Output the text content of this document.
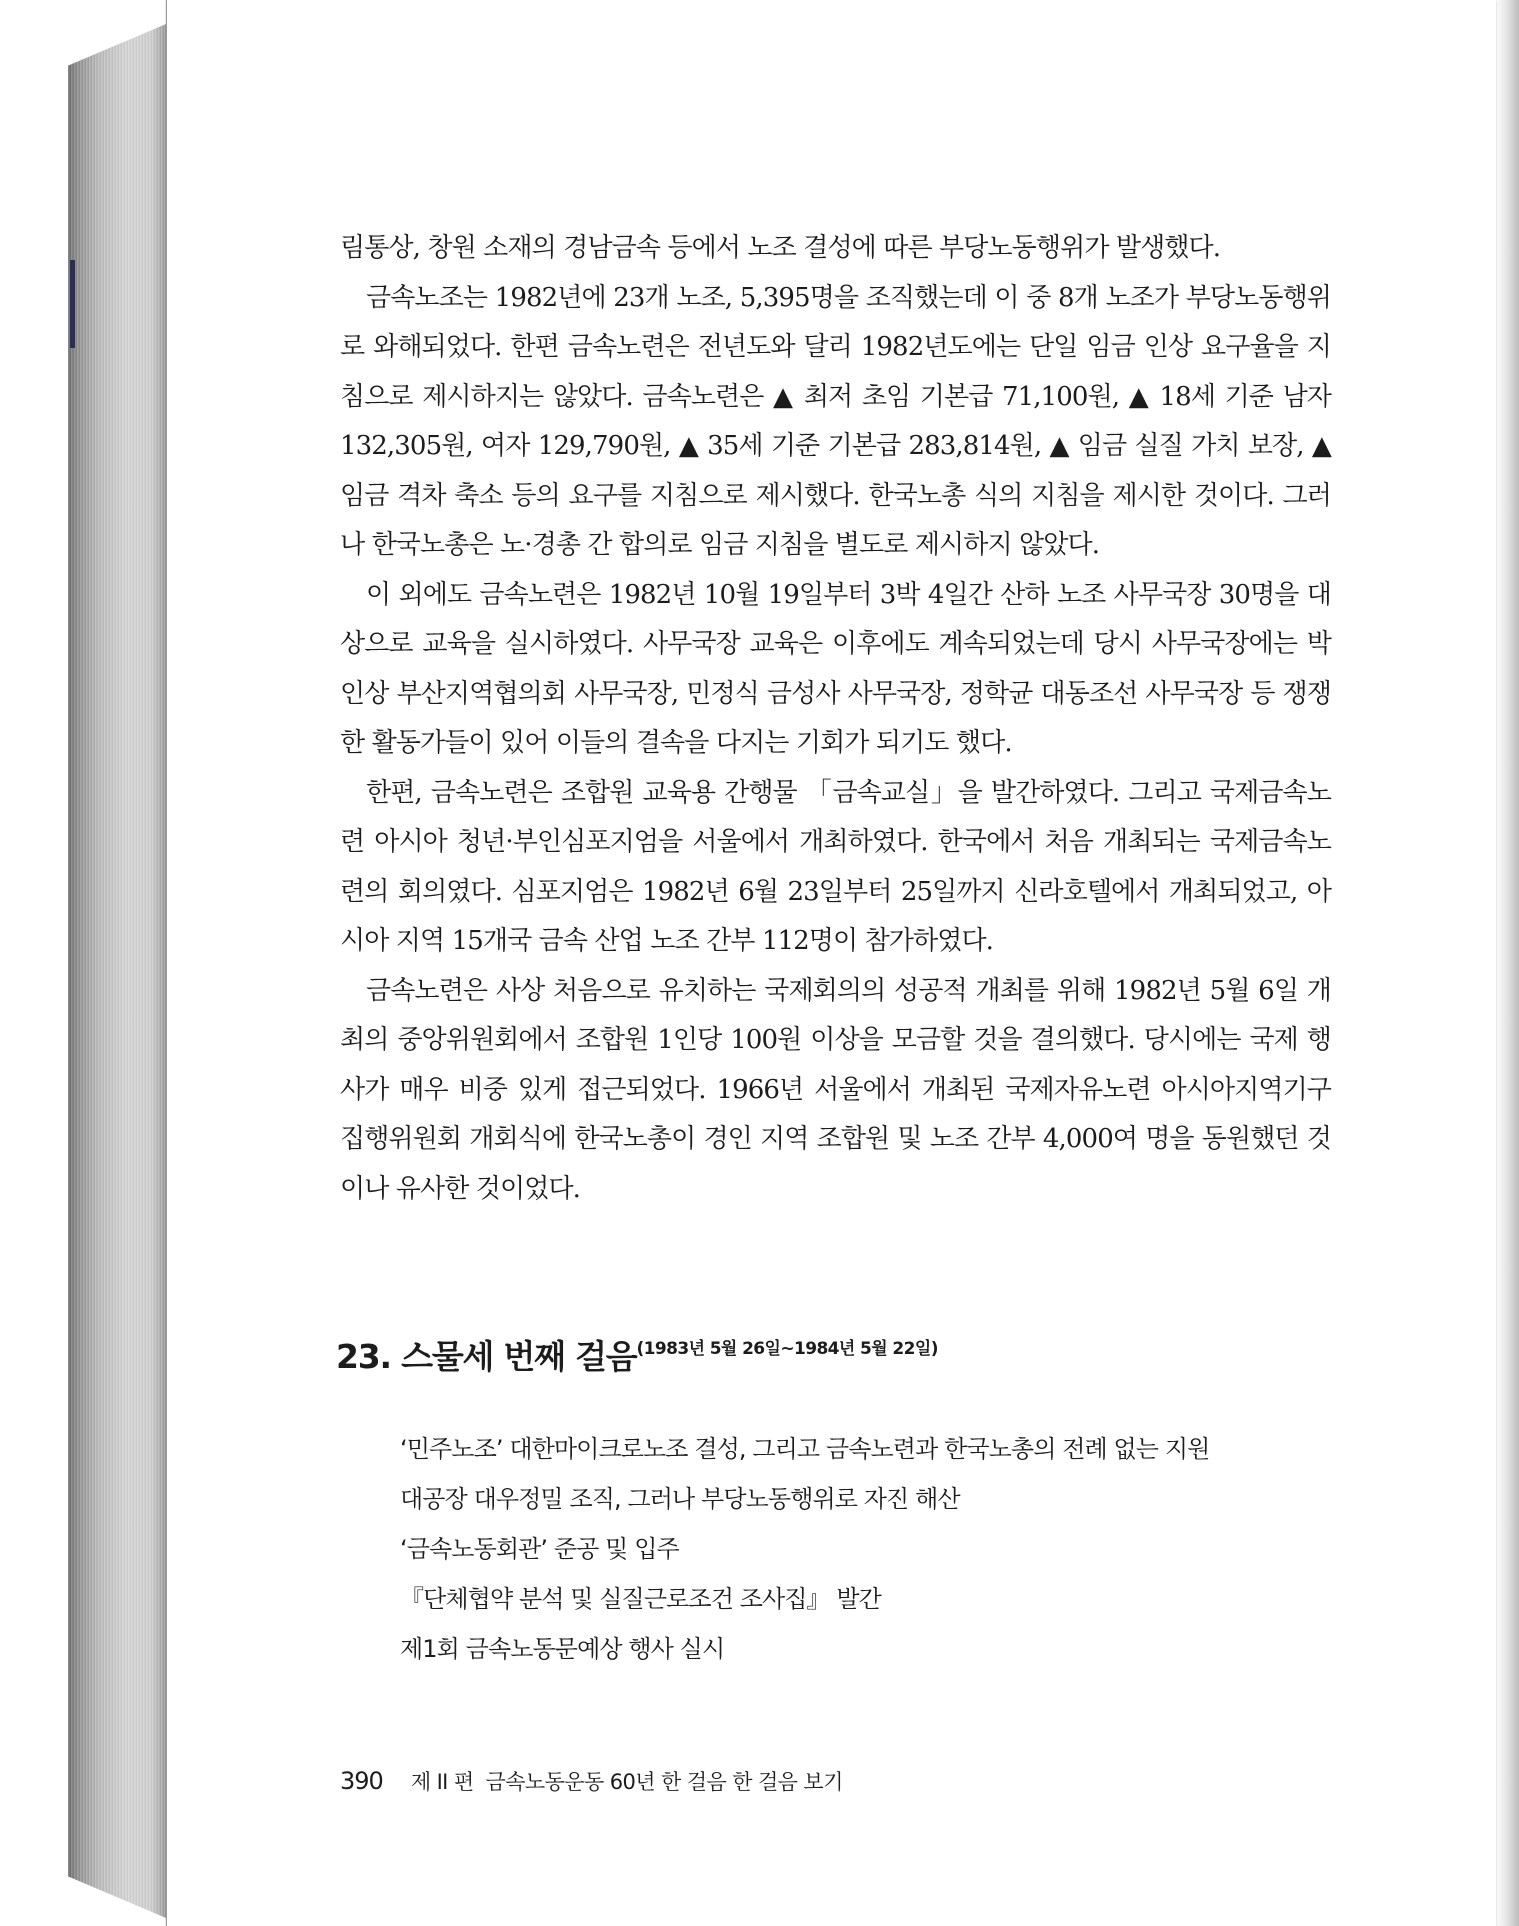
림통상, 창원 소재의 경남금속 등에서 노조 결성에 따른 부당노동행위가 발생했다.

금속노조는 1982년에 23개 노조, 5,395명을 조직했는데 이 중 8개 노조가 부당노동행위로 와해되었다. 한편 금속노련은 전년도와 달리 1982년도에는 단일 임금 인상 요구율을 지침으로 제시하지는 않았다. 금속노련은 ▲ 최저 초임 기본급 71,100원, ▲ 18세 기준 남자 132,305원, 여자 129,790원, ▲ 35세 기준 기본급 283,814원, ▲ 임금 실질 가치 보장, ▲ 임금 격차 축소 등의 요구를 지침으로 제시했다. 한국노총 식의 지침을 제시한 것이다. 그러나 한국노총은 노·경총 간 합의로 임금 지침을 별도로 제시하지 않았다.

이 외에도 금속노련은 1982년 10월 19일부터 3박 4일간 산하 노조 사무국장 30명을 대상으로 교육을 실시하였다. 사무국장 교육은 이후에도 계속되었는데 당시 사무국장에는 박인상 부산지역협의회 사무국장, 민정식 금성사 사무국장, 정학균 대동조선 사무국장 등 쟁쟁한 활동가들이 있어 이들의 결속을 다지는 기회가 되기도 했다.

한편, 금속노련은 조합원 교육용 간행물 「금속교실」을 발간하였다. 그리고 국제금속노련 아시아 청년·부인심포지엄을 서울에서 개최하였다. 한국에서 처음 개최되는 국제금속노련의 회의였다. 심포지엄은 1982년 6월 23일부터 25일까지 신라호텔에서 개최되었고, 아시아 지역 15개국 금속 산업 노조 간부 112명이 참가하였다.

금속노련은 사상 처음으로 유치하는 국제회의의 성공적 개최를 위해 1982년 5월 6일 개최의 중앙위원회에서 조합원 1인당 100원 이상을 모금할 것을 결의했다. 당시에는 국제 행사가 매우 비중 있게 접근되었다. 1966년 서울에서 개최된 국제자유노련 아시아지역기구 집행위원회 개회식에 한국노총이 경인 지역 조합원 및 노조 간부 4,000여 명을 동원했던 것이나 유사한 것이었다.

23. 스물세 번째 걸음(1983년 5월 26일~1984년 5월 22일)
‘민주노조’ 대한마이크로노조 결성, 그리고 금속노련과 한국노총의 전례 없는 지원
대공장 대우정밀 조직, 그러나 부당노동행위로 자진 해산
‘금속노동회관’ 준공 및 입주
『단체협약 분석 및 실질근로조건 조사집』 발간
제1회 금속노동문예상 행사 실시
390 제 II 편 금속노동운동 60년 한 걸음 한 걸음 보기
